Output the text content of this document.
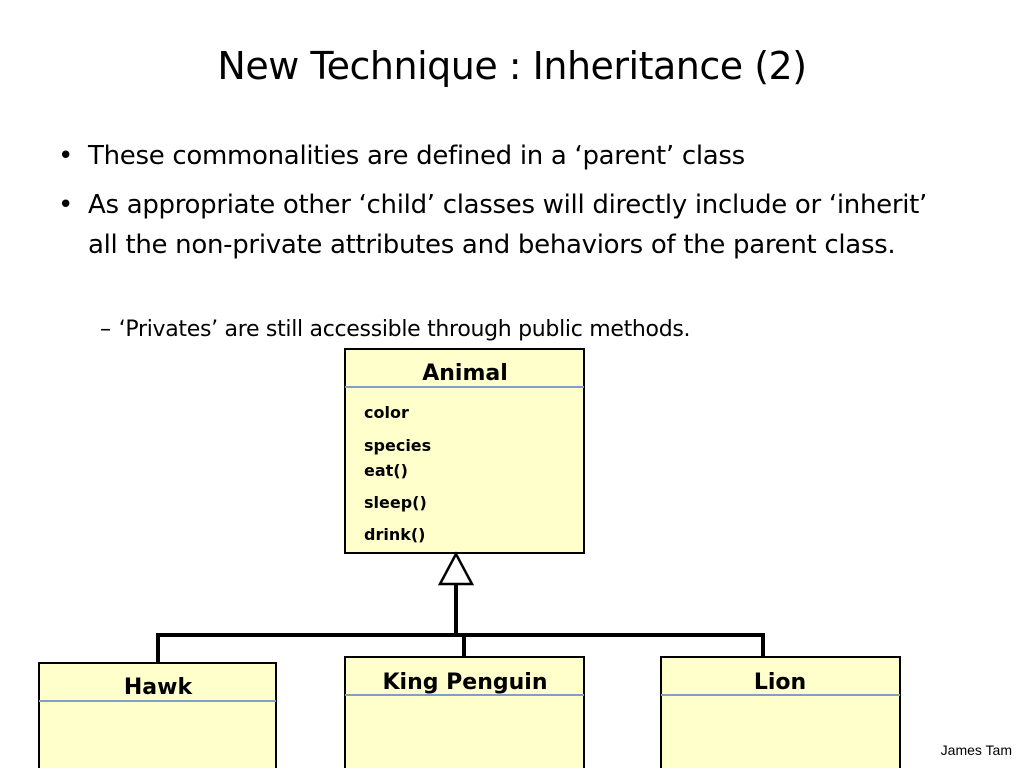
New Technique : Inheritance (2)
• These commonalities are defined in a ‘parent’ class
• As appropriate other ‘child’ classes will directly include or ‘inherit’ all the non-private attributes and behaviors of the parent class.
– ‘Privates’ are still accessible through public methods.
Animal
color
species
eat()
sleep()
drink()
Hawk	King Penguin	Lion
James Tam
